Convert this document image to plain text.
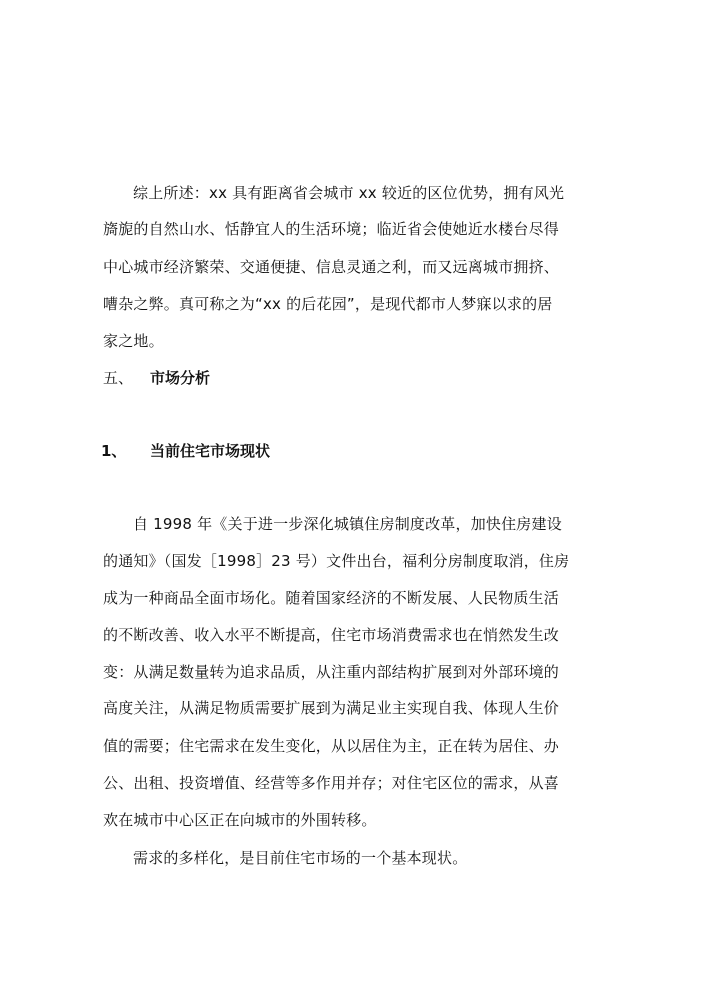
综上所述：xx 具有距离省会城市 xx 较近的区位优势，拥有风光
旖旎的自然山水、恬静宜人的生活环境；临近省会使她近水楼台尽得
中心城市经济繁荣、交通便捷、信息灵通之利，而又远离城市拥挤、
嘈杂之弊。真可称之为“xx 的后花园”，是现代都市人梦寐以求的居
家之地。
五、 市场分析
1、 当前住宅市场现状
自 1998 年《关于进一步深化城镇住房制度改革，加快住房建设
的通知》（国发［1998］23 号）文件出台，福利分房制度取消，住房
成为一种商品全面市场化。随着国家经济的不断发展、人民物质生活
的不断改善、收入水平不断提高，住宅市场消费需求也在悄然发生改
变：从满足数量转为追求品质，从注重内部结构扩展到对外部环境的
高度关注，从满足物质需要扩展到为满足业主实现自我、体现人生价
值的需要；住宅需求在发生变化，从以居住为主，正在转为居住、办
公、出租、投资增值、经营等多作用并存；对住宅区位的需求，从喜
欢在城市中心区正在向城市的外围转移。
需求的多样化，是目前住宅市场的一个基本现状。
